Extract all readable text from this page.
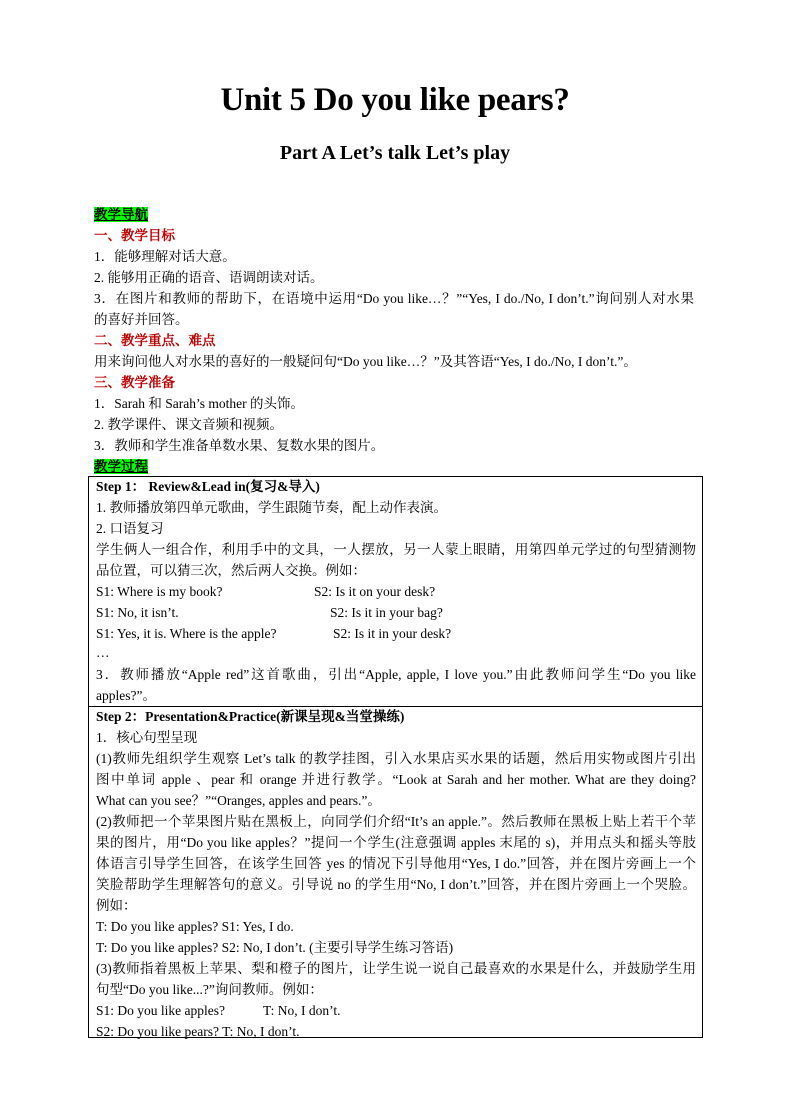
Unit 5 Do you like pears?
Part A Let’s talk Let’s play
教学导航
一、教学目标
1．能够理解对话大意。
2. 能够用正确的语音、语调朗读对话。
3．在图片和教师的帮助下，在语境中运用“Do you like…？”“Yes, I do./No, I don’t.”询问别人对水果
的喜好并回答。
二、教学重点、难点
用来询问他人对水果的喜好的一般疑问句“Do you like…？”及其答语“Yes, I do./No, I don’t.”。
三、教学准备
1．Sarah 和 Sarah’s mother 的头饰。
2. 教学课件、课文音频和视频。
3．教师和学生准备单数水果、复数水果的图片。
教学过程
Step 1： Review&Lead in(复习&导入)
1. 教师播放第四单元歌曲，学生跟随节奏，配上动作表演。
2. 口语复习
学生俩人一组合作，利用手中的文具，一人摆放，另一人蒙上眼睛，用第四单元学过的句型猜测物
品位置，可以猜三次，然后两人交换。例如：
S1: Where is my book?	S2: Is it on your desk?
S1: No, it isn’t.	S2: Is it in your bag?
S1: Yes, it is. Where is the apple?	S2: Is it in your desk?
…
3．教师播放“Apple red”这首歌曲，引出“Apple, apple, I love you.”由此教师问学生“Do you like
apples?”。
Step 2：Presentation&Practice(新课呈现&当堂操练)
1．核心句型呈现
(1)教师先组织学生观察 Let’s talk 的教学挂图，引入水果店买水果的话题，然后用实物或图片引出
图中单词 apple 、pear 和 orange 并进行教学。“Look at Sarah and her mother. What are they doing?
What can you see？”“Oranges, apples and pears.”。
(2)教师把一个苹果图片贴在黑板上，向同学们介绍“It’s an apple.”。然后教师在黑板上贴上若干个苹
果的图片，用“Do you like apples？”提问一个学生(注意强调 apples 末尾的 s)，并用点头和摇头等肢
体语言引导学生回答，在该学生回答 yes 的情况下引导他用“Yes, I do.”回答，并在图片旁画上一个
笑脸帮助学生理解答句的意义。引导说 no 的学生用“No, I don’t.”回答，并在图片旁画上一个哭脸。
例如：
T: Do you like apples? S1: Yes, I do.
T: Do you like apples? S2: No, I don’t. (主要引导学生练习答语)
(3)教师指着黑板上苹果、梨和橙子的图片，让学生说一说自己最喜欢的水果是什么，并鼓励学生用
句型“Do you like...?”询问教师。例如：
S1: Do you like apples?	T: No, I don’t.
S2: Do you like pears? T: No, I don’t.
